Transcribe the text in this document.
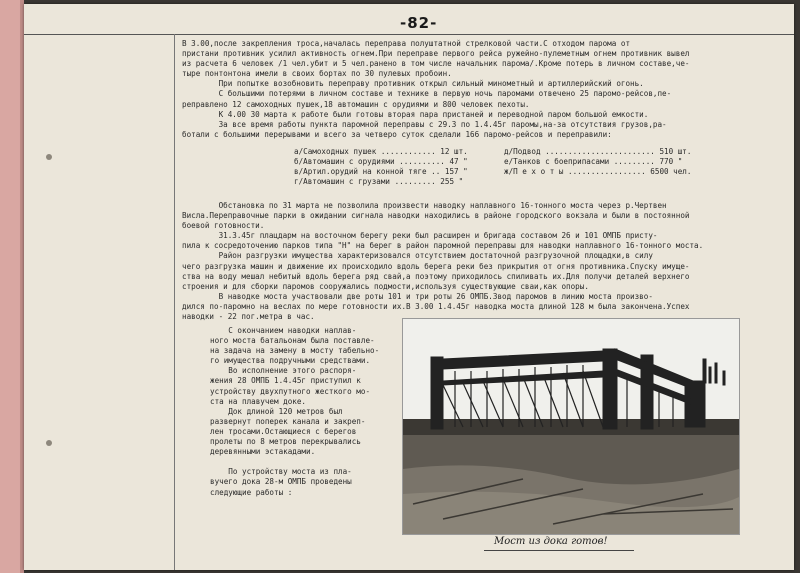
-82-
В 3.00,после закрепления троса,началась переправа полуштатной стрелковой части.С отходом парома от
пристани противник усилил активность огнем.При переправе первого рейса ружейно-пулеметным огнем противник вывел
из расчета 6 человек /1 чел.убит и 5 чел.ранено в том числе начальник парома/.Кроме потерь в личном составе,че-
тыре понтонтона имели в своих бортах по 30 пулевых пробоин.
При попытке возобновить переправу противник открыл сильный минометный и артиллерийский огонь.
С большими потерями в личном составе и технике в первую ночь паромами отвечено 25 паромо-рейсов,пе-
реправлено 12 самоходных пушек,18 автомашин с орудиями и 800 человек пехоты.
К 4.00 30 марта к работе были готовы вторая пара пристаней и переводной паром большой емкости.
За все время работы пункта паромной переправы с 29.3 по 1.4.45г паромы,на-за отсутствия грузов,ра-
ботали с большими перерывами и всего за четверо суток сделали 166 паромо-рейсов и переправили:
а/Самоходных пушек ............ 12 шт.
б/Автомашин с орудиями .......... 47 "
в/Артил.орудий на конной тяге .. 157 "
г/Автомашин с грузами ......... 255 "
д/Подвод ........................ 510 шт.
е/Танков с боеприпасами ......... 770 "
ж/П е х о т ы ................. 6500 чел.
Обстановка по 31 марта не позволила произвести наводку наплавного 16-тонного моста через р.Чертвен
Висла.Переправочные парки в ожидании сигнала наводки находились в районе городского вокзала и были в постоянной
боевой готовности.
31.3.45г плацдарм на восточном берегу реки был расширен и бригада составом 26 и 101 ОМПБ присту-
пила к сосредоточению парков типа "Н" на берег в район паромной переправы для наводки наплавного 16-тонного моста.
Район разгрузки имущества характеризовался отсутствием достаточной разгрузочной площадки,в силу
чего разгрузка машин и движение их происходило вдоль берега реки без прикрытия от огня противника.Спуску имуще-
ства на воду мешал небитый вдоль берега ряд свай,а поэтому приходилось спиливать их.Для получи деталей верхнего
строения и для сборки паромов сооружались подмости,используя существующие сваи,как опоры.
В наводке моста участвовали две роты 101 и три роты 26 ОМПБ.Звод паромов в линию моста произво-
дился по-паромно на веслах по мере готовности их.В 3.00 1.4.45г наводка моста длиной 128 м была закончена.Успех
наводки - 22 пог.метра в час.
С окончанием наводки наплав-
ного моста батальонам была поставле-
на задача на замену в мосту табельно-
го имущества подручными средствами.
Во исполнение этого распоря-
жения 28 ОМПБ 1.4.45г приступил к
устройству двухпутного жесткого мо-
ста на плавучем доке.
Док длиной 120 метров был
развернут поперек канала и закреп-
лен тросами.Остающиеся с берегов
пролеты по 8 метров перекрывались
деревянными эстакадами.

По устройству моста из пла-
вучего дока 28-м ОМПБ проведены
следующие работы :
Мост из дока готов!
